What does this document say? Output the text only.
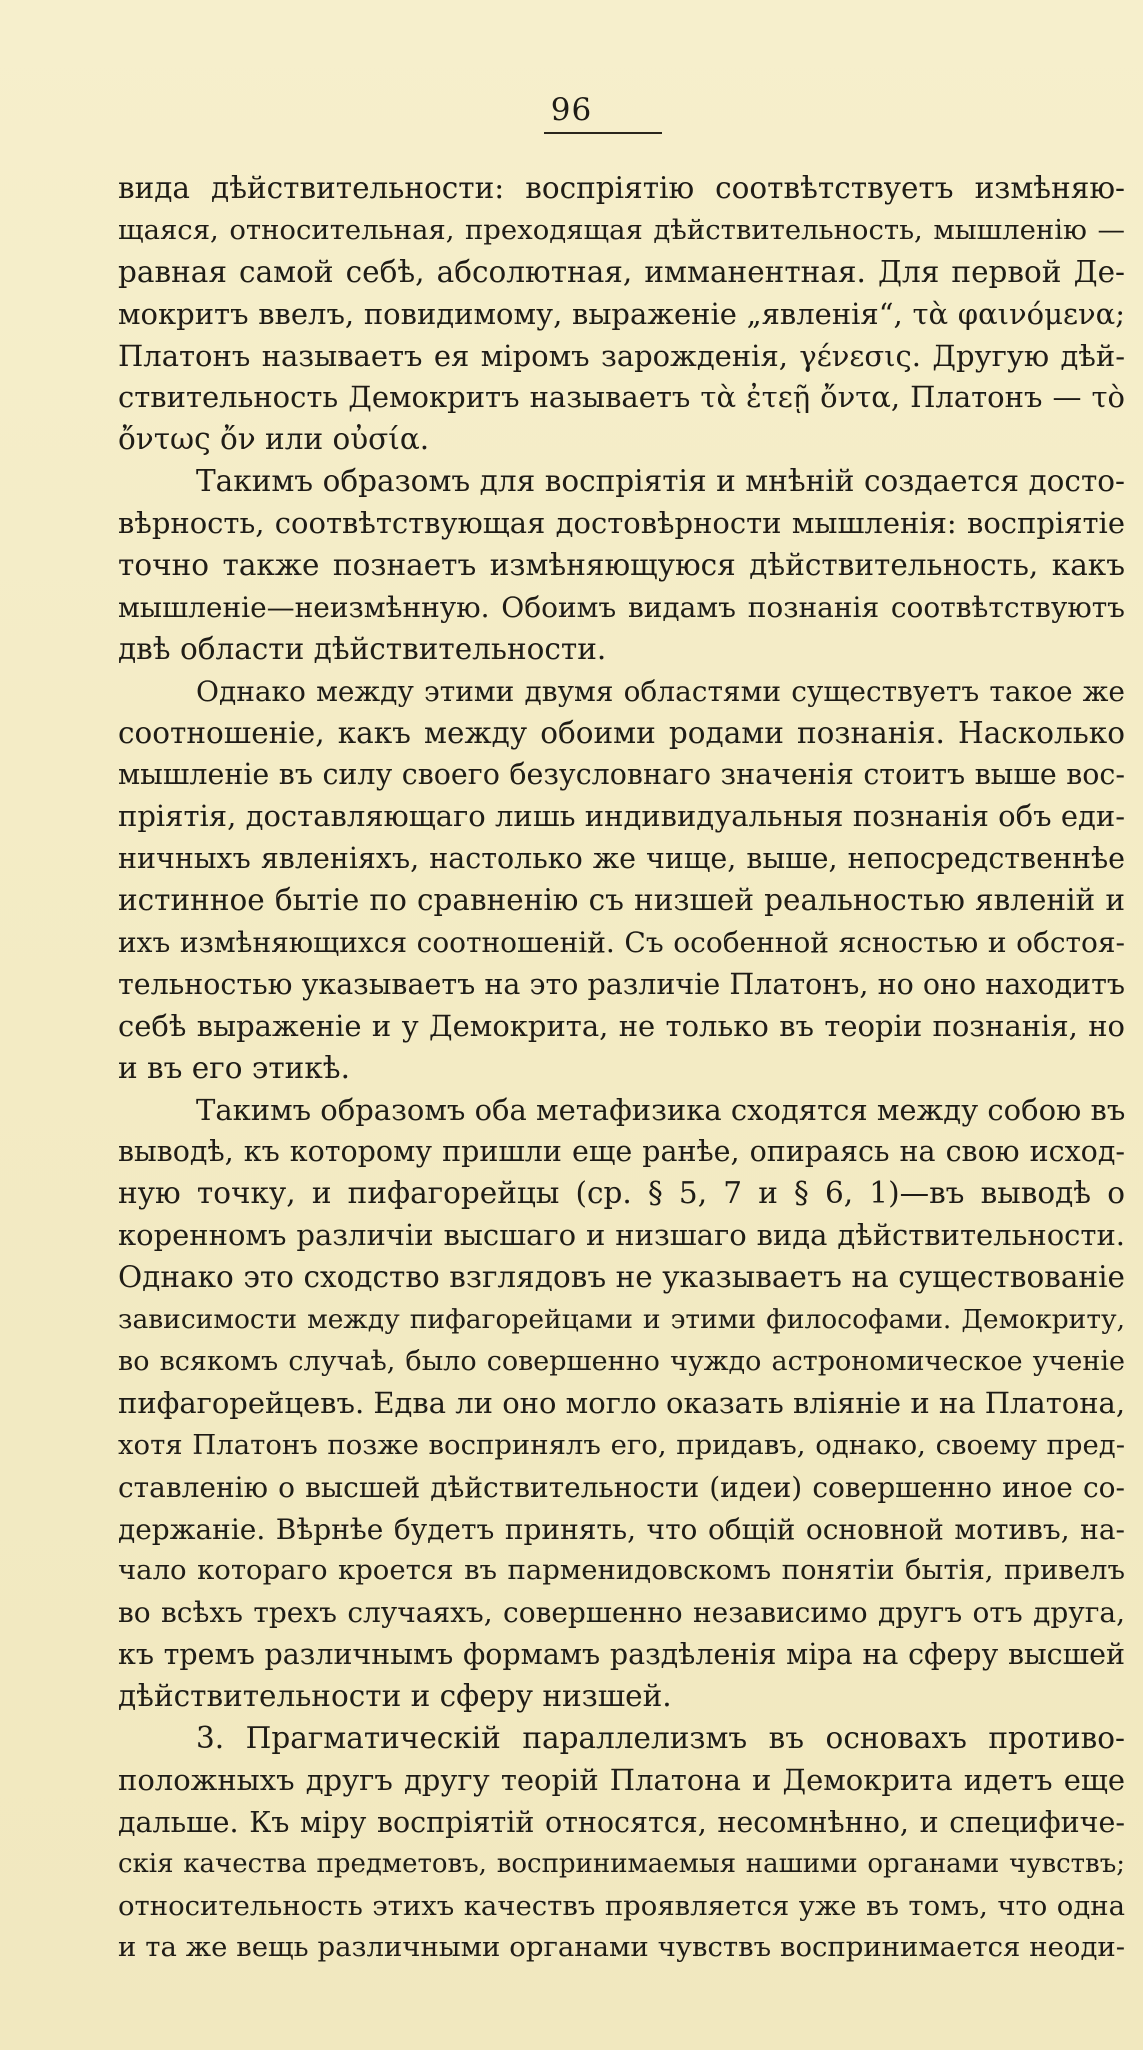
96
вида дѣйствительности: воспріятію соотвѣтствуетъ измѣняю-
щаяся, относительная, преходящая дѣйствительность, мышленію —
равная самой себѣ, абсолютная, имманентная. Для первой Де-
мокритъ ввелъ, повидимому, выраженіе „явленія“, τὰ φαινόμενα;
Платонъ называетъ ея міромъ зарожденія, γένεσις. Другую дѣй-
ствительность Демокритъ называетъ τὰ ἐτεῇ ὄντα, Платонъ — τὸ
ὄντως ὄν или οὐσία.
Такимъ образомъ для воспріятія и мнѣній создается досто-
вѣрность, соотвѣтствующая достовѣрности мышленія: воспріятіе
точно также познаетъ измѣняющуюся дѣйствительность, какъ
мышленіе—неизмѣнную. Обоимъ видамъ познанія соотвѣтствуютъ
двѣ области дѣйствительности.
Однако между этими двумя областями существуетъ такое же
соотношеніе, какъ между обоими родами познанія. Насколько
мышленіе въ силу своего безусловнаго значенія стоитъ выше вос-
пріятія, доставляющаго лишь индивидуальныя познанія объ еди-
ничныхъ явленіяхъ, настолько же чище, выше, непосредственнѣе
истинное бытіе по сравненію съ низшей реальностью явленій и
ихъ измѣняющихся соотношеній. Съ особенной ясностью и обстоя-
тельностью указываетъ на это различіе Платонъ, но оно находитъ
себѣ выраженіе и у Демокрита, не только въ теоріи познанія, но
и въ его этикѣ.
Такимъ образомъ оба метафизика сходятся между собою въ
выводѣ, къ которому пришли еще ранѣе, опираясь на свою исход-
ную точку, и пифагорейцы (ср. § 5, 7 и § 6, 1)—въ выводѣ о
коренномъ различіи высшаго и низшаго вида дѣйствительности.
Однако это сходство взглядовъ не указываетъ на существованіе
зависимости между пифагорейцами и этими философами. Демокриту,
во всякомъ случаѣ, было совершенно чуждо астрономическое ученіе
пифагорейцевъ. Едва ли оно могло оказать вліяніе и на Платона,
хотя Платонъ позже воспринялъ его, придавъ, однако, своему пред-
ставленію о высшей дѣйствительности (идеи) совершенно иное со-
держаніе. Вѣрнѣе будетъ принять, что общій основной мотивъ, на-
чало котораго кроется въ парменидовскомъ понятіи бытія, привелъ
во всѣхъ трехъ случаяхъ, совершенно независимо другъ отъ друга,
къ тремъ различнымъ формамъ раздѣленія міра на сферу высшей
дѣйствительности и сферу низшей.
3. Прагматическій параллелизмъ въ основахъ противо-
положныхъ другъ другу теорій Платона и Демокрита идетъ еще
дальше. Къ міру воспріятій относятся, несомнѣнно, и специфиче-
скія качества предметовъ, воспринимаемыя нашими органами чувствъ;
относительность этихъ качествъ проявляется уже въ томъ, что одна
и та же вещь различными органами чувствъ воспринимается неоди-
